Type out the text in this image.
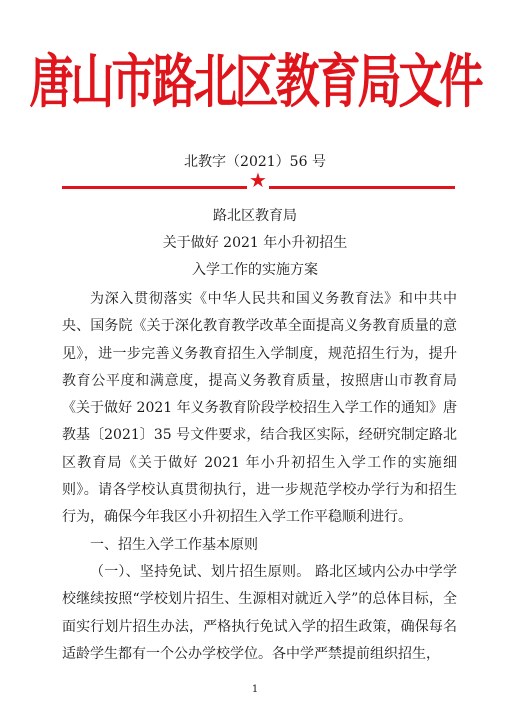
唐山市路北区教育局文件
北教字（2021）56 号
★
路北区教育局
关于做好 2021 年小升初招生
入学工作的实施方案

为深入贯彻落实《中华人民共和国义务教育法》和中共中央、国务院《关于深化教育教学改革全面提高义务教育质量的意见》，进一步完善义务教育招生入学制度，规范招生行为，提升教育公平度和满意度，提高义务教育质量，按照唐山市教育局《关于做好 2021 年义务教育阶段学校招生入学工作的通知》唐教基〔2021〕35 号文件要求，结合我区实际，经研究制定路北区教育局《关于做好 2021 年小升初招生入学工作的实施细则》。请各学校认真贯彻执行，进一步规范学校办学行为和招生行为，确保今年我区小升初招生入学工作平稳顺利进行。

一、招生入学工作基本原则

（一）、坚持免试、划片招生原则。 路北区域内公办中学学校继续按照“学校划片招生、生源相对就近入学”的总体目标，全面实行划片招生办法，严格执行免试入学的招生政策，确保每名适龄学生都有一个公办学校学位。各中学严禁提前组织招生，

1
